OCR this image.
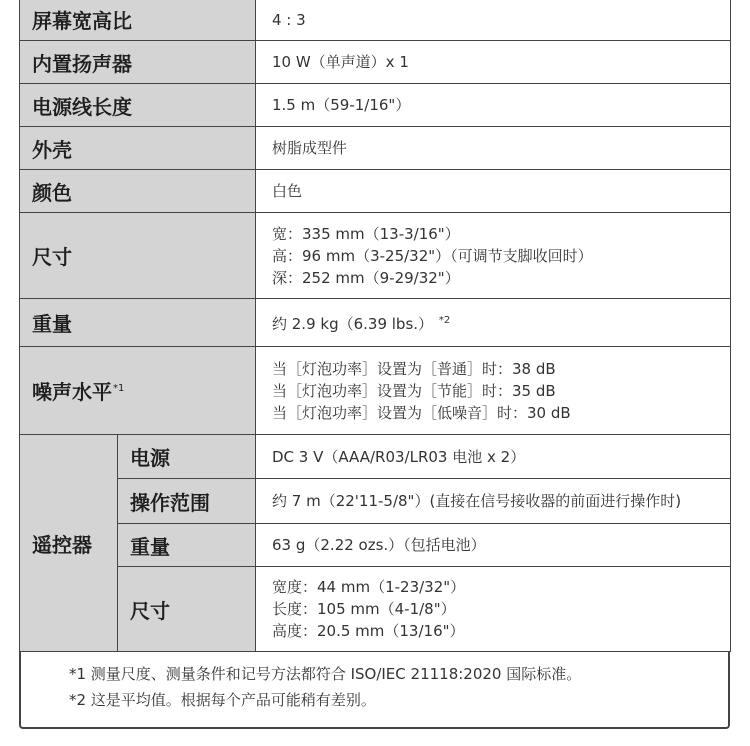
屏幕宽高比		4 : 3
内置扬声器		10 W（单声道）x 1
电源线长度		1.5 m（59-1/16"）
外壳		树脂成型件
颜色		白色
尺寸		宽：335 mm（13-3/16"）
高：96 mm（3-25/32"）（可调节支脚收回时）
深：252 mm（9-29/32"）

重量		约 2.9 kg（6.39 lbs.） $^{*2}$
噪声水平$^{*1}$		当［灯泡功率］设置为［普通］时：38 dB
当［灯泡功率］设置为［节能］时：35 dB
当［灯泡功率］设置为［低噪音］时：30 dB

遥控器	电源	DC 3 V（AAA/R03/LR03 电池 x 2）
	操作范围	约 7 m（22'11-5/8"）(直接在信号接收器的前面进行操作时)
	重量	63 g（2.22 ozs.）（包括电池）
	尺寸	宽度：44 mm（1-23/32"）
长度：105 mm（4-1/8"）
高度：20.5 mm（13/16"）
*1 测量尺度、测量条件和记号方法都符合 ISO/IEC 21118:2020 国际标准。
*2 这是平均值。根据每个产品可能稍有差别。
